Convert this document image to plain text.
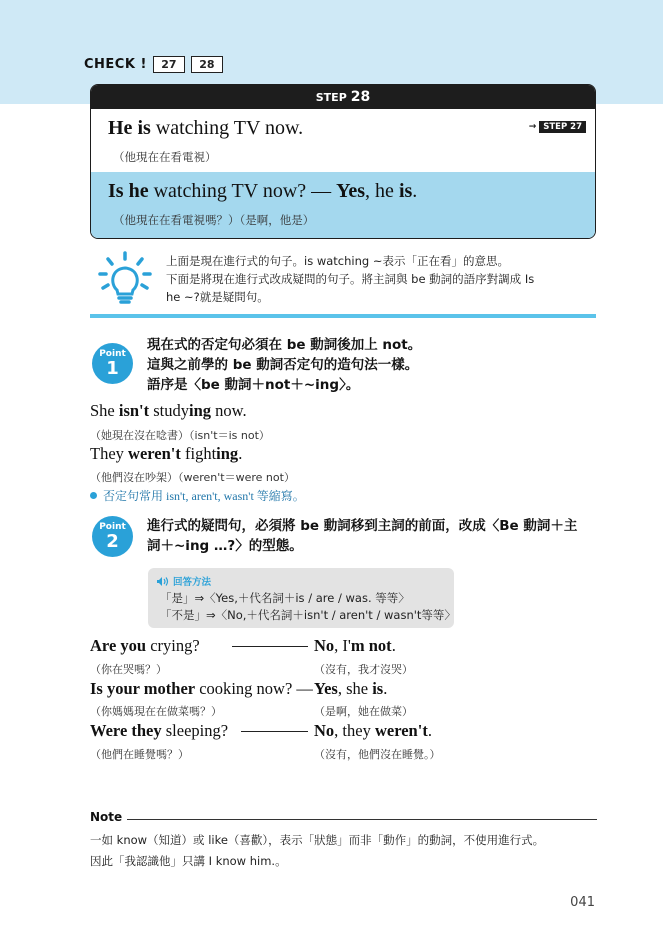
CHECK !	27	28
STEP 28
He is watching TV now.
（他現在在看電視）
→ STEP 27
Is he watching TV now? — Yes, he is.
（他現在在看電視嗎？）（是啊，他是）
上面是現在進行式的句子。is watching ~表示「正在看」的意思。
下面是將現在進行式改成疑問的句子。將主詞與 be 動詞的語序對調成 Is
he ~?就是疑問句。
Point
1
現在式的否定句必須在 be 動詞後加上 not。
這與之前學的 be 動詞否定句的造句法一樣。
語序是〈be 動詞＋not＋~ing〉。
She isn't studying now.
（她現在沒在唸書）（isn't＝is not）
They weren't fighting.
（他們沒在吵架）（weren't＝were not）
否定句常用 isn't, aren't, wasn't 等縮寫。
Point
2
進行式的疑問句，必須將 be 動詞移到主詞的前面，改成〈Be 動詞＋主
詞＋~ing …?〉的型態。
回答方法
「是」⇒〈Yes,＋代名詞＋is / are / was. 等等〉
「不是」⇒〈No,＋代名詞＋isn't / aren't / wasn't等等〉
Are you crying?	No, I'm not.
（你在哭嗎？）	（沒有，我才沒哭）
Is your mother cooking now? — Yes, she is.
（你媽媽現在在做菜嗎？）	（是啊，她在做菜）
Were they sleeping?	No, they weren't.
（他們在睡覺嗎？）	（沒有，他們沒在睡覺。）
Note
一如 know（知道）或 like（喜歡），表示「狀態」而非「動作」的動詞，不使用進行式。
因此「我認識他」只講 I know him.。
041
